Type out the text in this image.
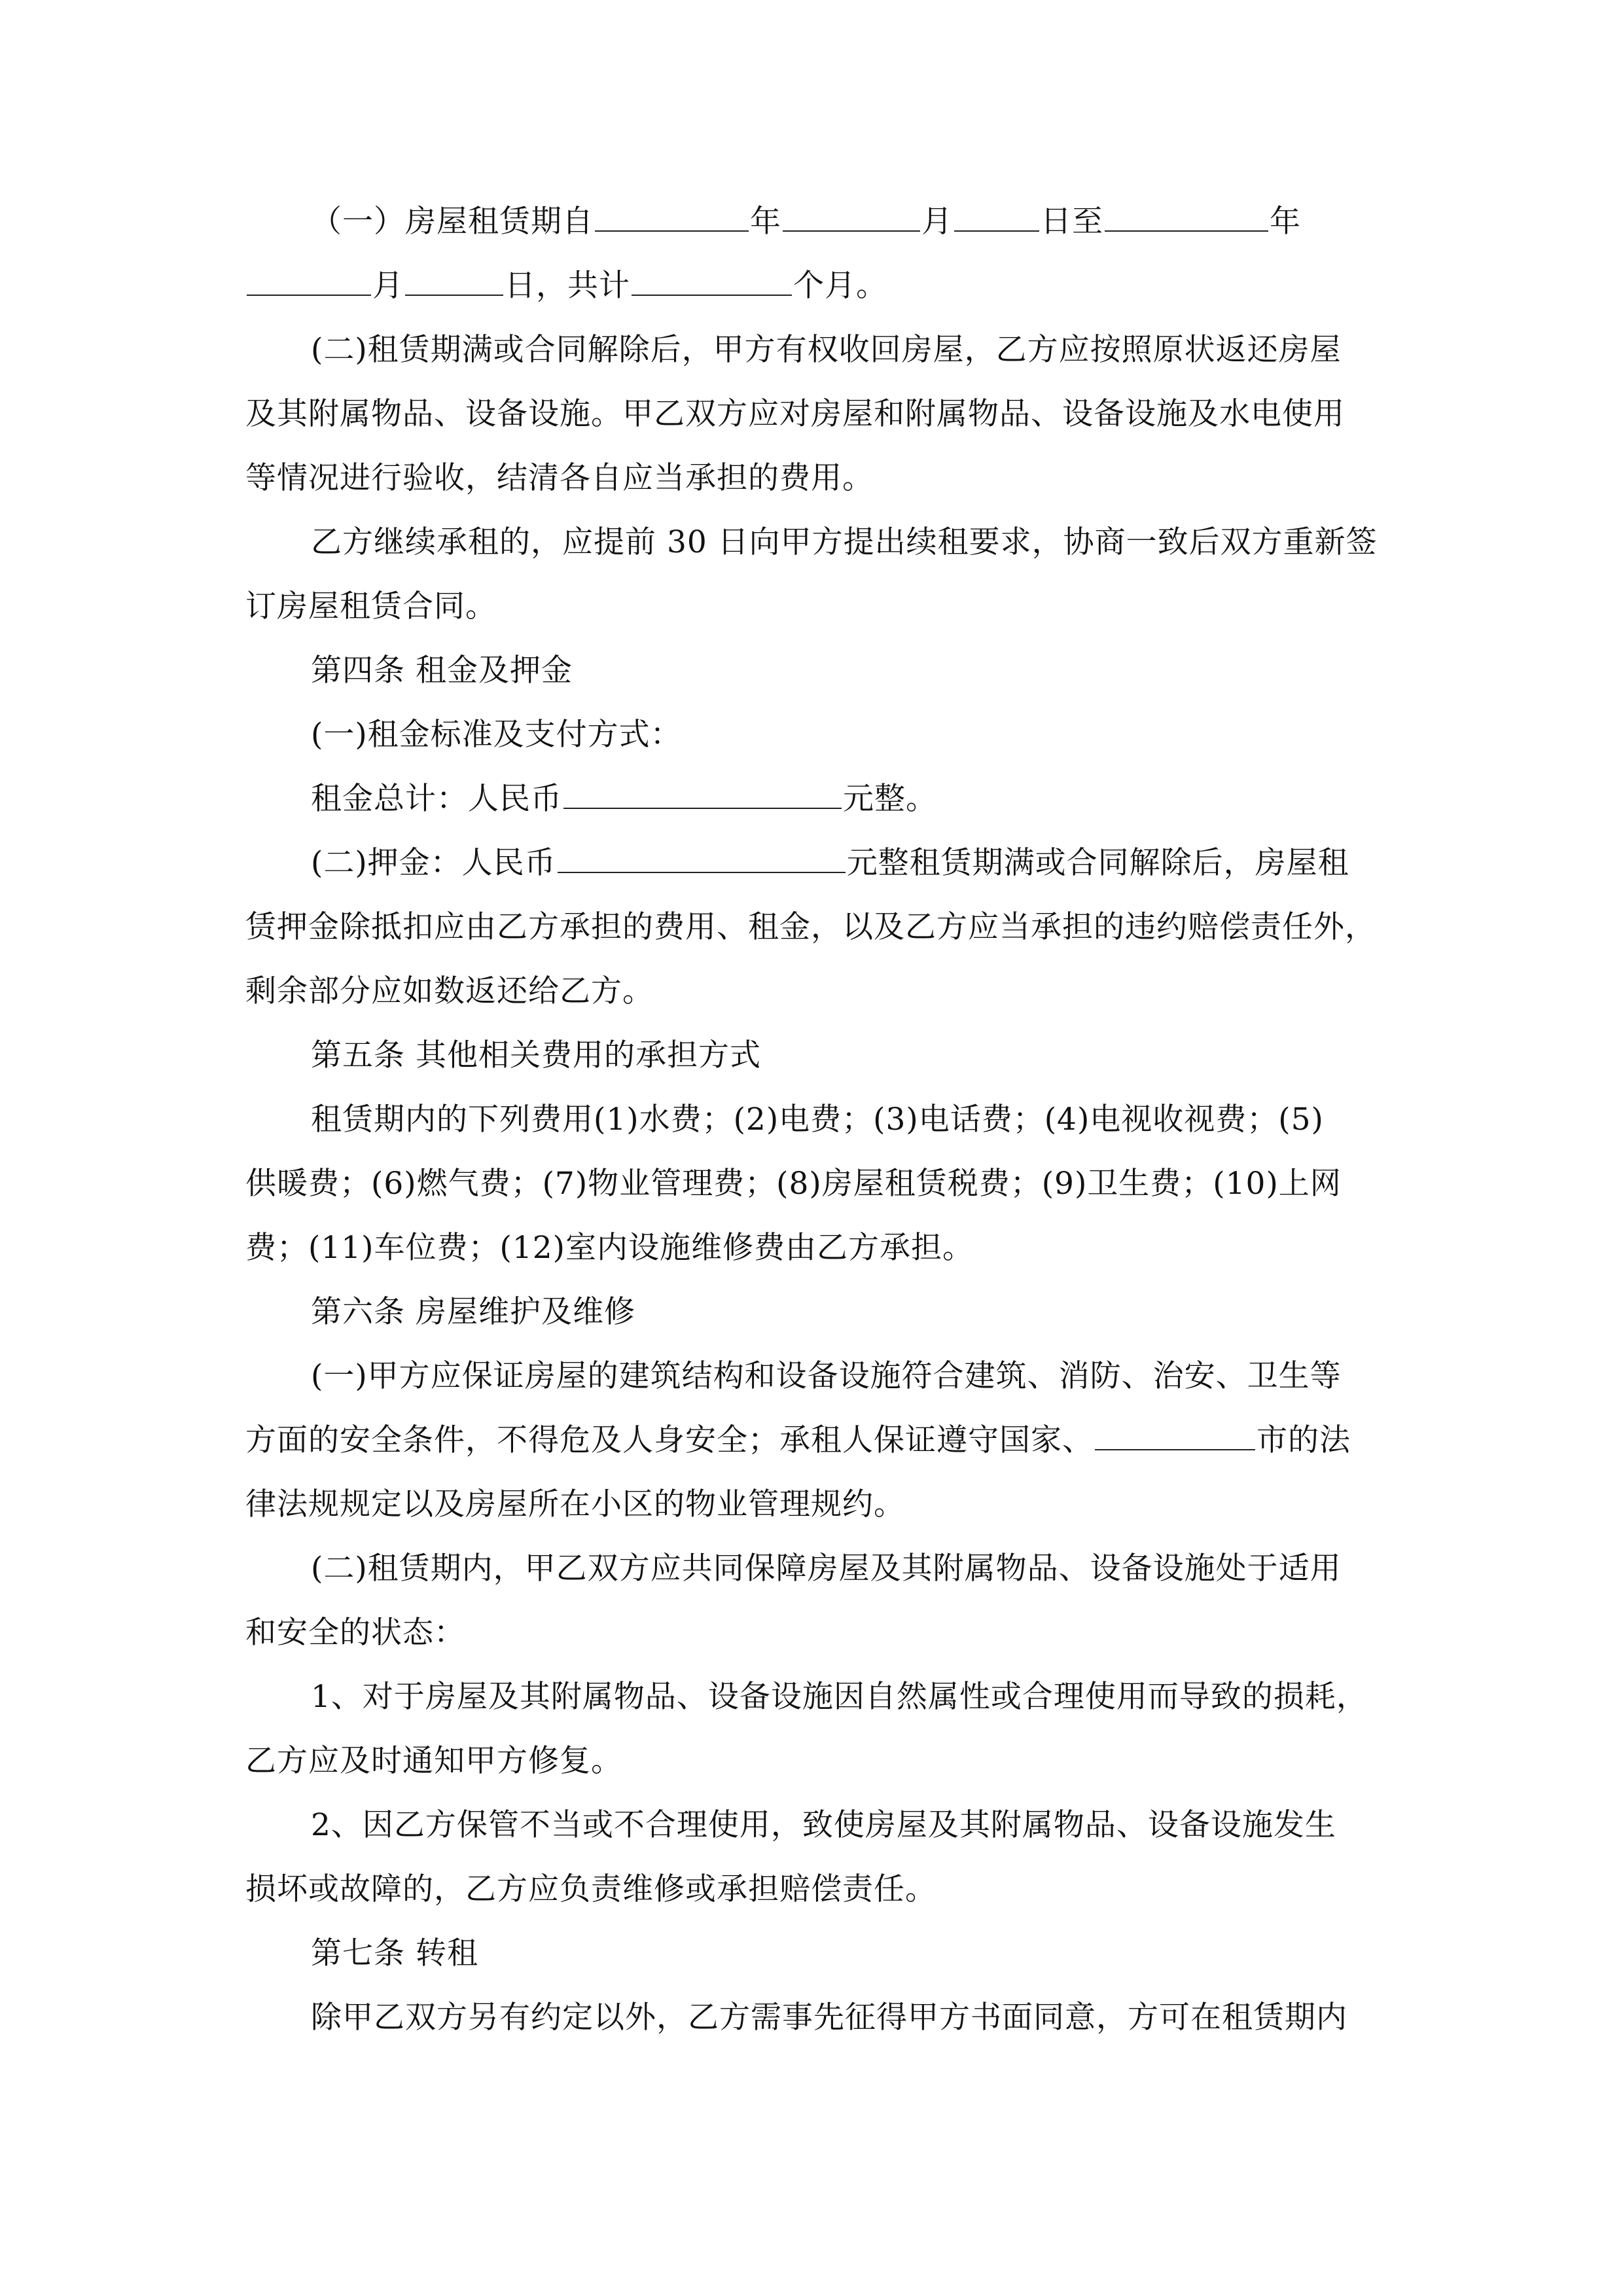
（一）房屋租赁期自	年	月	日至	年
月	日，共计	个月。
(二)租赁期满或合同解除后，甲方有权收回房屋，乙方应按照原状返还房屋
及其附属物品、设备设施。甲乙双方应对房屋和附属物品、设备设施及水电使用
等情况进行验收，结清各自应当承担的费用。
乙方继续承租的，应提前 30 日向甲方提出续租要求，协商一致后双方重新签
订房屋租赁合同。
第四条 租金及押金
(一)租金标准及支付方式：
租金总计：人民币	元整。
(二)押金：人民币	元整租赁期满或合同解除后，房屋租
赁押金除抵扣应由乙方承担的费用、租金，以及乙方应当承担的违约赔偿责任外，
剩余部分应如数返还给乙方。
第五条 其他相关费用的承担方式
租赁期内的下列费用(1)水费；(2)电费；(3)电话费；(4)电视收视费；(5)
供暖费；(6)燃气费；(7)物业管理费；(8)房屋租赁税费；(9)卫生费；(10)上网
费；(11)车位费；(12)室内设施维修费由乙方承担。
第六条 房屋维护及维修
(一)甲方应保证房屋的建筑结构和设备设施符合建筑、消防、治安、卫生等
方面的安全条件，不得危及人身安全；承租人保证遵守国家、	市的法
律法规规定以及房屋所在小区的物业管理规约。
(二)租赁期内，甲乙双方应共同保障房屋及其附属物品、设备设施处于适用
和安全的状态：
1、对于房屋及其附属物品、设备设施因自然属性或合理使用而导致的损耗，
乙方应及时通知甲方修复。
2、因乙方保管不当或不合理使用，致使房屋及其附属物品、设备设施发生
损坏或故障的，乙方应负责维修或承担赔偿责任。
第七条 转租
除甲乙双方另有约定以外，乙方需事先征得甲方书面同意，方可在租赁期内
